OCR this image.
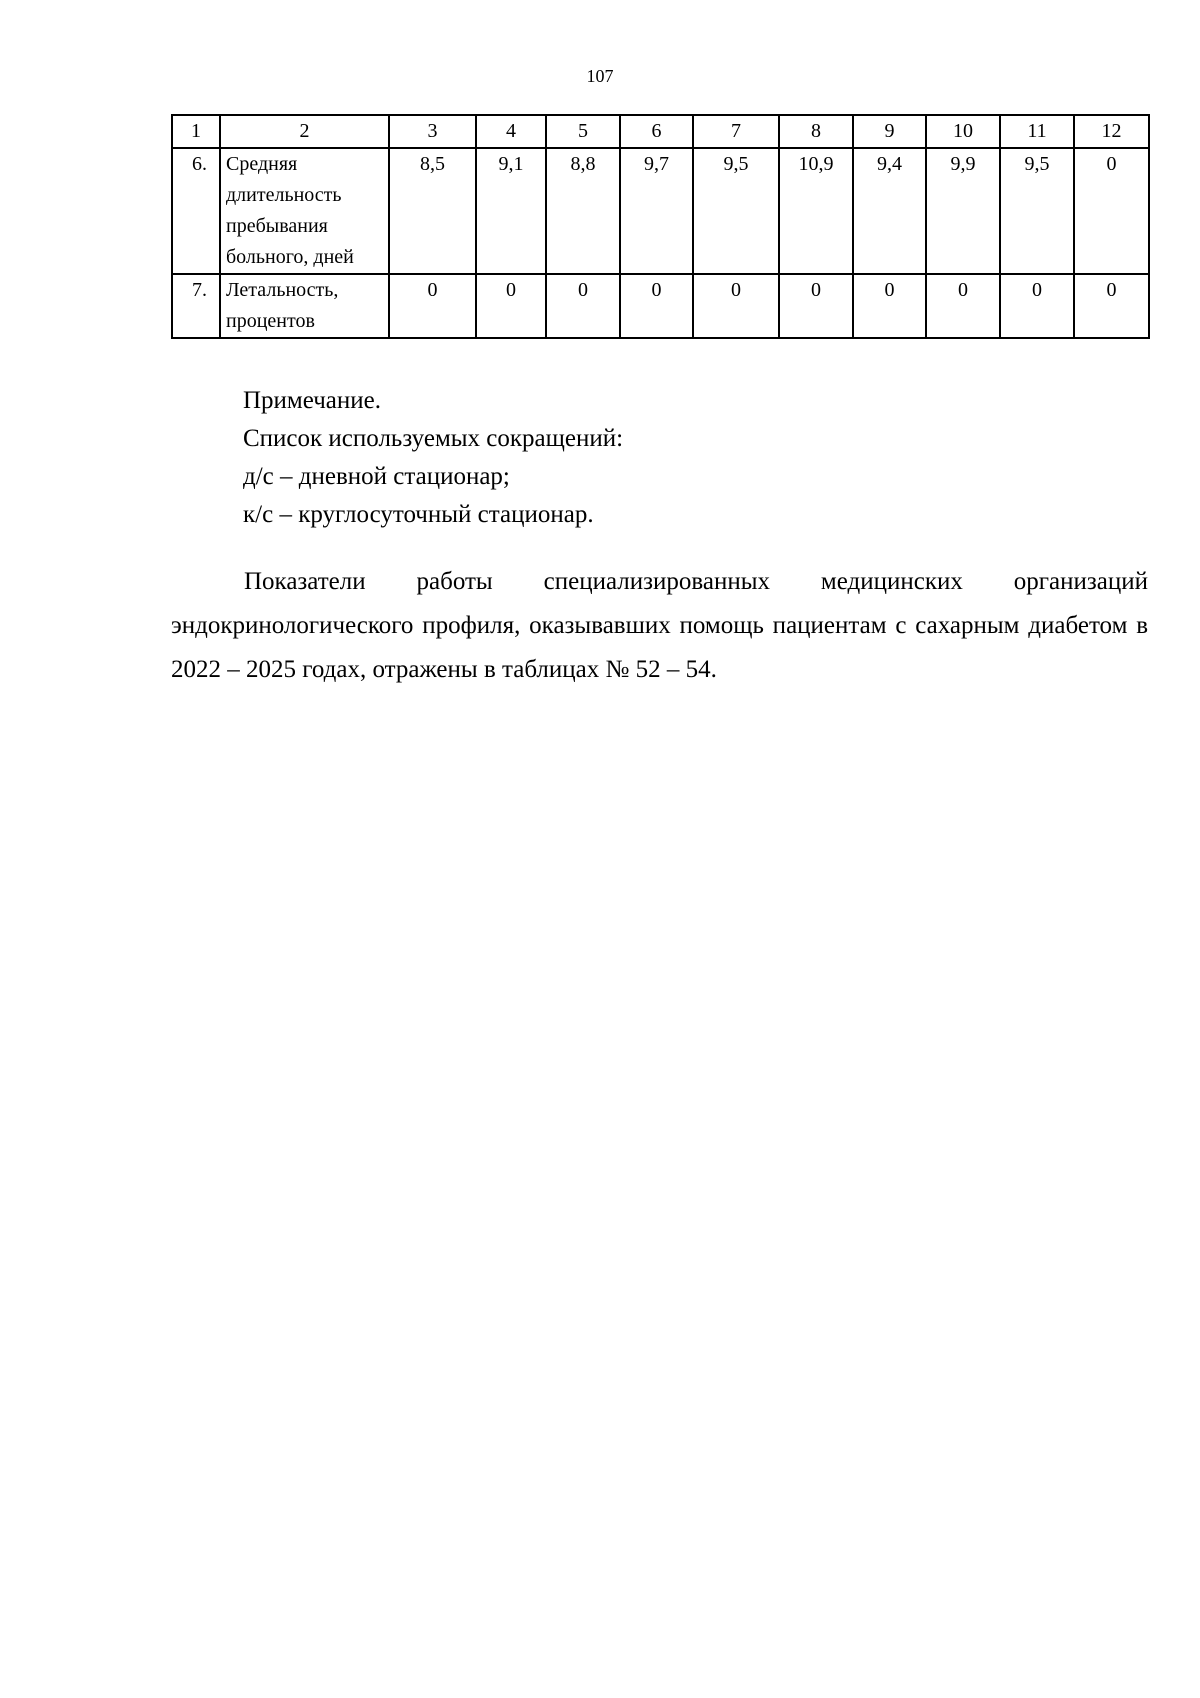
107
1	2	3	4	5	6	7	8	9	10	11	12
6.	Средняя
длительность
пребывания
больного, дней	8,5	9,1	8,8	9,7	9,5	10,9	9,4	9,9	9,5	0
7.	Летальность,
процентов	0	0	0	0	0	0	0	0	0	0
Примечание.
Список используемых сокращений:
д/с – дневной стационар;
к/с – круглосуточный стационар.

Показатели работы специализированных медицинских организаций эндокринологического профиля, оказывавших помощь пациентам с сахарным диабетом в 2022 – 2025 годах, отражены в таблицах № 52 – 54.
